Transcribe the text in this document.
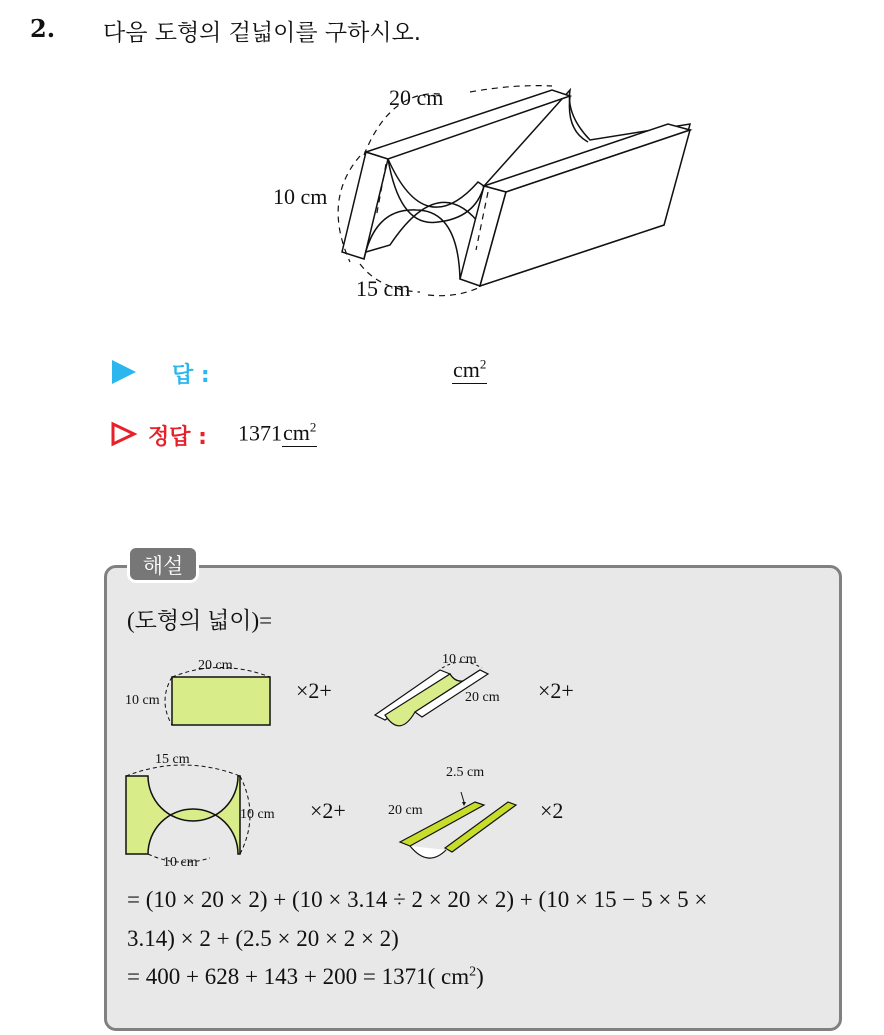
2. 다음 도형의 겉넓이를 구하시오.
20 cm
10 cm
15 cm
답 :	$cm^2$
정답 : $1371cm^2$
해설
(도형의 넓이)=
20 cm
10 cm	×2+
10 cm
20 cm ×2+
15 cm
10 cm
10 cm
×2+
2.5 cm
20 cm	×2
= (10 × 20 × 2) + (10 × 3.14 ÷ 2 × 20 × 2) + (10 × 15 − 5 × 5 ×
3.14) × 2 + (2.5 × 20 × 2 × 2)
= 400 + 628 + 143 + 200 = 1371( $cm^2$)
